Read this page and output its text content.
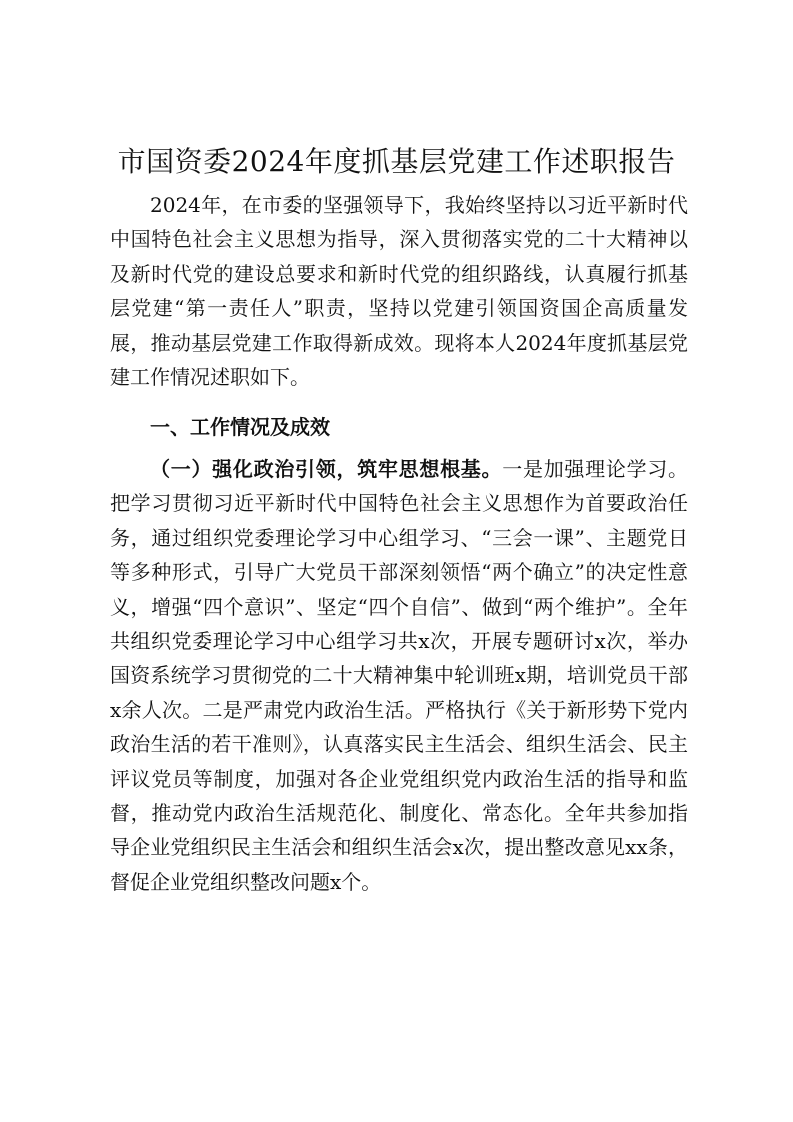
市国资委2024年度抓基层党建工作述职报告
2024年，在市委的坚强领导下，我始终坚持以习近平新时代中国特色社会主义思想为指导，深入贯彻落实党的二十大精神以及新时代党的建设总要求和新时代党的组织路线，认真履行抓基层党建“第一责任人”职责，坚持以党建引领国资国企高质量发展，推动基层党建工作取得新成效。现将本人2024年度抓基层党建工作情况述职如下。
一、工作情况及成效
（一）强化政治引领，筑牢思想根基。一是加强理论学习。把学习贯彻习近平新时代中国特色社会主义思想作为首要政治任务，通过组织党委理论学习中心组学习、“三会一课”、主题党日等多种形式，引导广大党员干部深刻领悟“两个确立”的决定性意义，增强“四个意识”、坚定“四个自信”、做到“两个维护”。全年共组织党委理论学习中心组学习共x次，开展专题研讨x次，举办国资系统学习贯彻党的二十大精神集中轮训班x期，培训党员干部x余人次。二是严肃党内政治生活。严格执行《关于新形势下党内政治生活的若干准则》，认真落实民主生活会、组织生活会、民主评议党员等制度，加强对各企业党组织党内政治生活的指导和监督，推动党内政治生活规范化、制度化、常态化。全年共参加指导企业党组织民主生活会和组织生活会x次，提出整改意见xx条，督促企业党组织整改问题x个。
